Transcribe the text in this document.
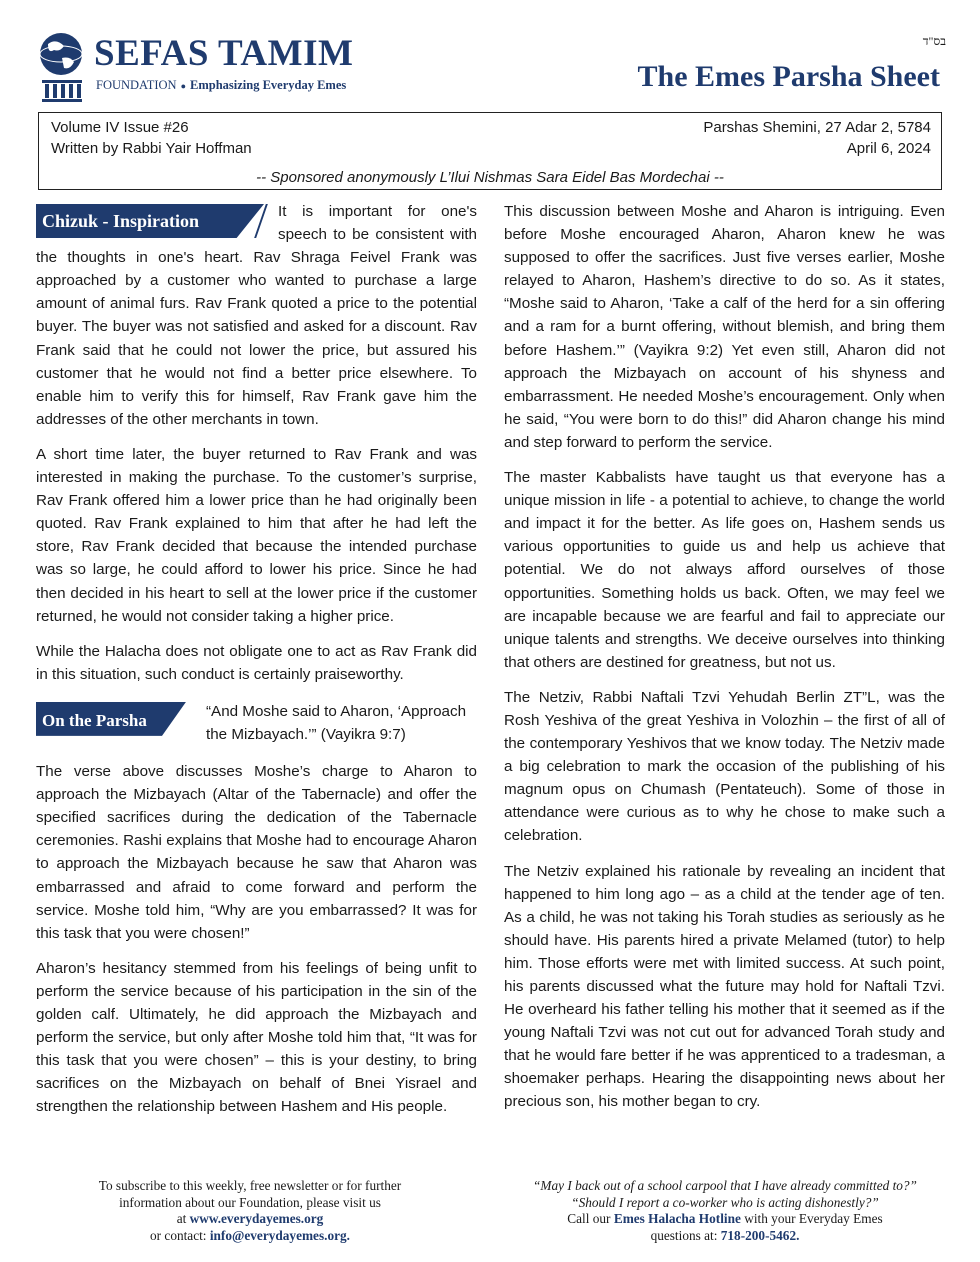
SEFAS TAMIM
FOUNDATION ● Emphasizing Everyday Emes
בס"ד
The Emes Parsha Sheet
Volume IV Issue #26
Written by Rabbi Yair Hoffman
Parshas Shemini, 27 Adar 2, 5784
April 6, 2024
-- Sponsored anonymously L’Ilui Nishmas Sara Eidel Bas Mordechai --
Chizuk - Inspiration	It is important for one's speech to be consistent with the thoughts in one's heart. Rav Shraga Feivel Frank was approached by a customer who wanted to purchase a large amount of animal furs. Rav Frank quoted a price to the potential buyer. The buyer was not satisfied and asked for a discount. Rav Frank said that he could not lower the price, but assured his customer that he would not find a better price elsewhere. To enable him to verify this for himself, Rav Frank gave him the addresses of the other merchants in town.

A short time later, the buyer returned to Rav Frank and was interested in making the purchase. To the customer’s surprise, Rav Frank offered him a lower price than he had originally been quoted. Rav Frank explained to him that after he had left the store, Rav Frank decided that because the intended purchase was so large, he could afford to lower his price. Since he had then decided in his heart to sell at the lower price if the customer returned, he would not consider taking a higher price.

While the Halacha does not obligate one to act as Rav Frank did in this situation, such conduct is certainly praiseworthy.

On the Parsha	“And Moshe said to Aharon, ‘Approach the Mizbayach.’” (Vayikra 9:7)

The verse above discusses Moshe’s charge to Aharon to approach the Mizbayach (Altar of the Tabernacle) and offer the specified sacrifices during the dedication of the Tabernacle ceremonies. Rashi explains that Moshe had to encourage Aharon to approach the Mizbayach because he saw that Aharon was embarrassed and afraid to come forward and perform the service. Moshe told him, “Why are you embarrassed? It was for this task that you were chosen!”

Aharon’s hesitancy stemmed from his feelings of being unfit to perform the service because of his participation in the sin of the golden calf. Ultimately, he did approach the Mizbayach and perform the service, but only after Moshe told him that, “It was for this task that you were chosen” – this is your destiny, to bring sacrifices on the Mizbayach on behalf of Bnei Yisrael and strengthen the relationship between Hashem and His people.

This discussion between Moshe and Aharon is intriguing. Even before Moshe encouraged Aharon, Aharon knew he was supposed to offer the sacrifices. Just five verses earlier, Moshe relayed to Aharon, Hashem’s directive to do so. As it states, “Moshe said to Aharon, ‘Take a calf of the herd for a sin offering and a ram for a burnt offering, without blemish, and bring them before Hashem.’” (Vayikra 9:2) Yet even still, Aharon did not approach the Mizbayach on account of his shyness and embarrassment. He needed Moshe’s encouragement. Only when he said, “You were born to do this!” did Aharon change his mind and step forward to perform the service.

The master Kabbalists have taught us that everyone has a unique mission in life - a potential to achieve, to change the world and impact it for the better. As life goes on, Hashem sends us various opportunities to guide us and help us achieve that potential. We do not always afford ourselves of those opportunities. Something holds us back. Often, we may feel we are incapable because we are fearful and fail to appreciate our unique talents and strengths. We deceive ourselves into thinking that others are destined for greatness, but not us.

The Netziv, Rabbi Naftali Tzvi Yehudah Berlin ZT”L, was the Rosh Yeshiva of the great Yeshiva in Volozhin – the first of all of the contemporary Yeshivos that we know today. The Netziv made a big celebration to mark the occasion of the publishing of his magnum opus on Chumash (Pentateuch). Some of those in attendance were curious as to why he chose to make such a celebration.

The Netziv explained his rationale by revealing an incident that happened to him long ago – as a child at the tender age of ten. As a child, he was not taking his Torah studies as seriously as he should have. His parents hired a private Melamed (tutor) to help him. Those efforts were met with limited success. At such point, his parents discussed what the future may hold for Naftali Tzvi. He overheard his father telling his mother that it seemed as if the young Naftali Tzvi was not cut out for advanced Torah study and that he would fare better if he was apprenticed to a tradesman, a shoemaker perhaps. Hearing the disappointing news about her precious son, his mother began to cry.

To subscribe to this weekly, free newsletter or for further
information about our Foundation, please visit us
at www.everydayemes.org
or contact: info@everydayemes.org.
“May I back out of a school carpool that I have already committed to?”
“Should I report a co-worker who is acting dishonestly?”
Call our Emes Halacha Hotline with your Everyday Emes
questions at: 718-200-5462.
